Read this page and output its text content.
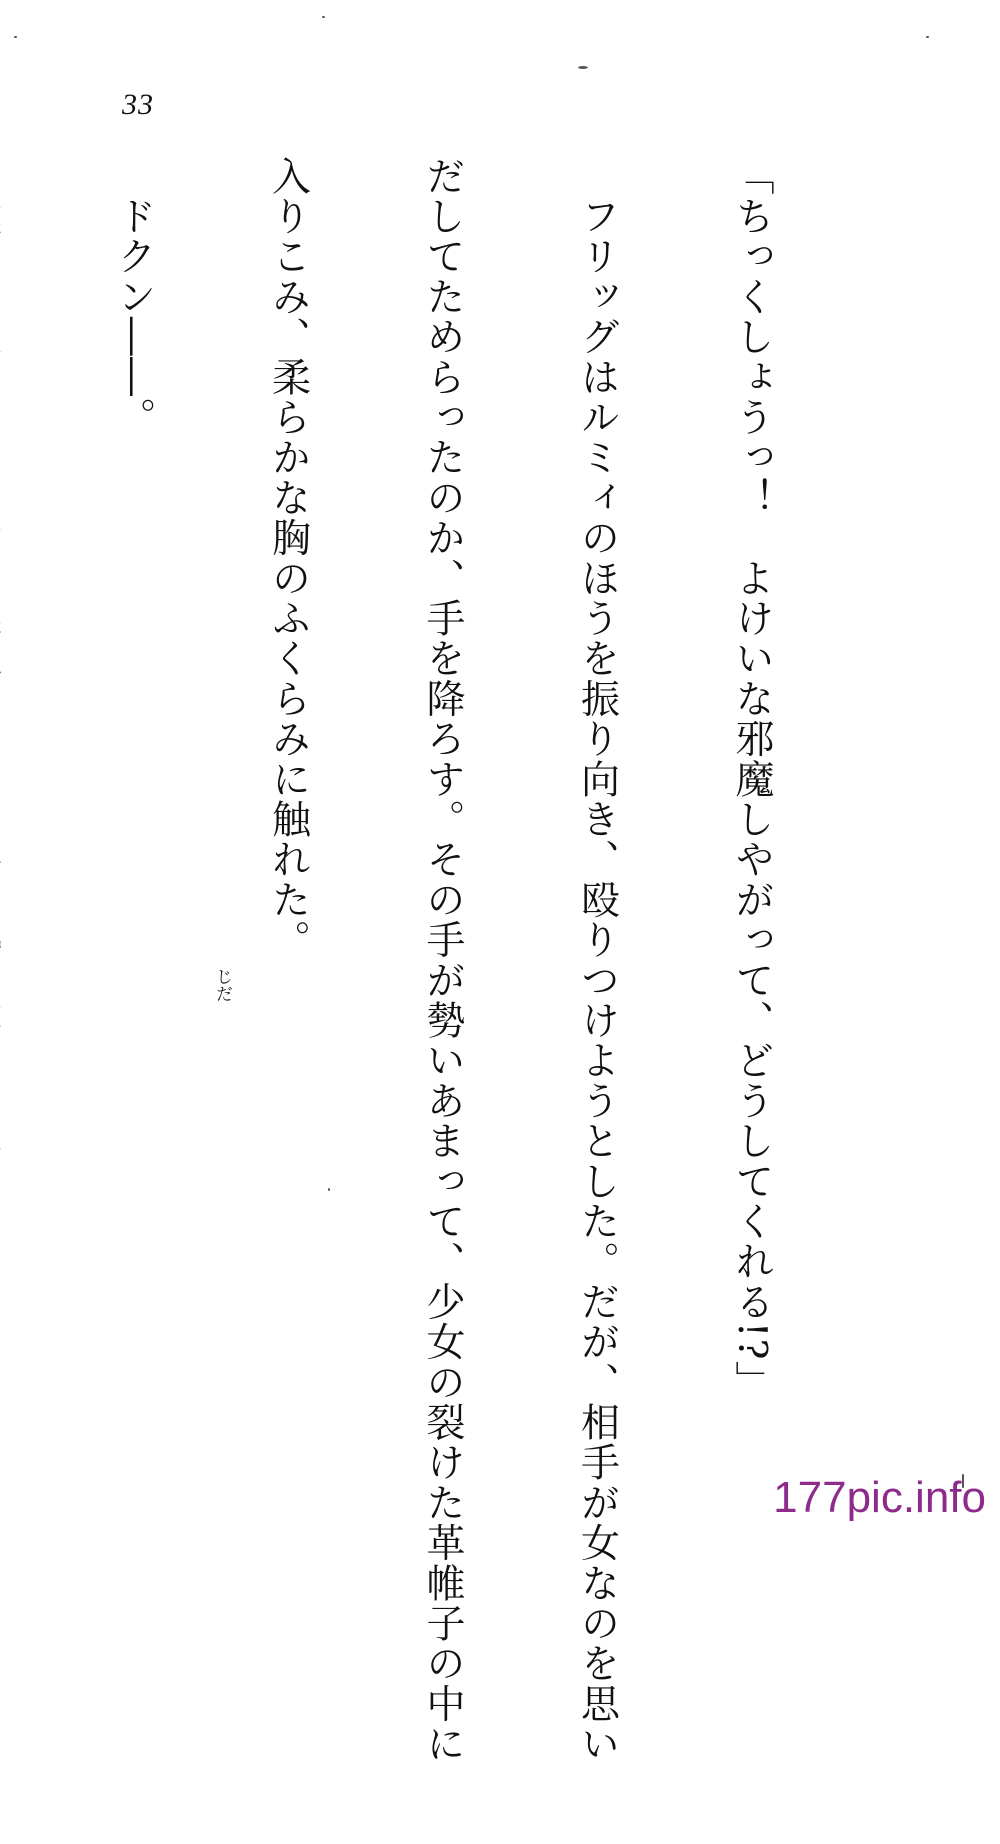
33

「ちっくしょうっ！　よけいな邪魔しやがって、どうしてくれる!?」

　フリッグはルミィのほうを振り向き、殴りつけようとした。だが、相手が女なのを思い

だしてためらったのか、手を降ろす。その手が勢いあまって、少女の裂けた革帷子の中に

入りこみ、柔らかな胸のふくらみに触れた。

　ドクン――。

じだ
177pic.info
